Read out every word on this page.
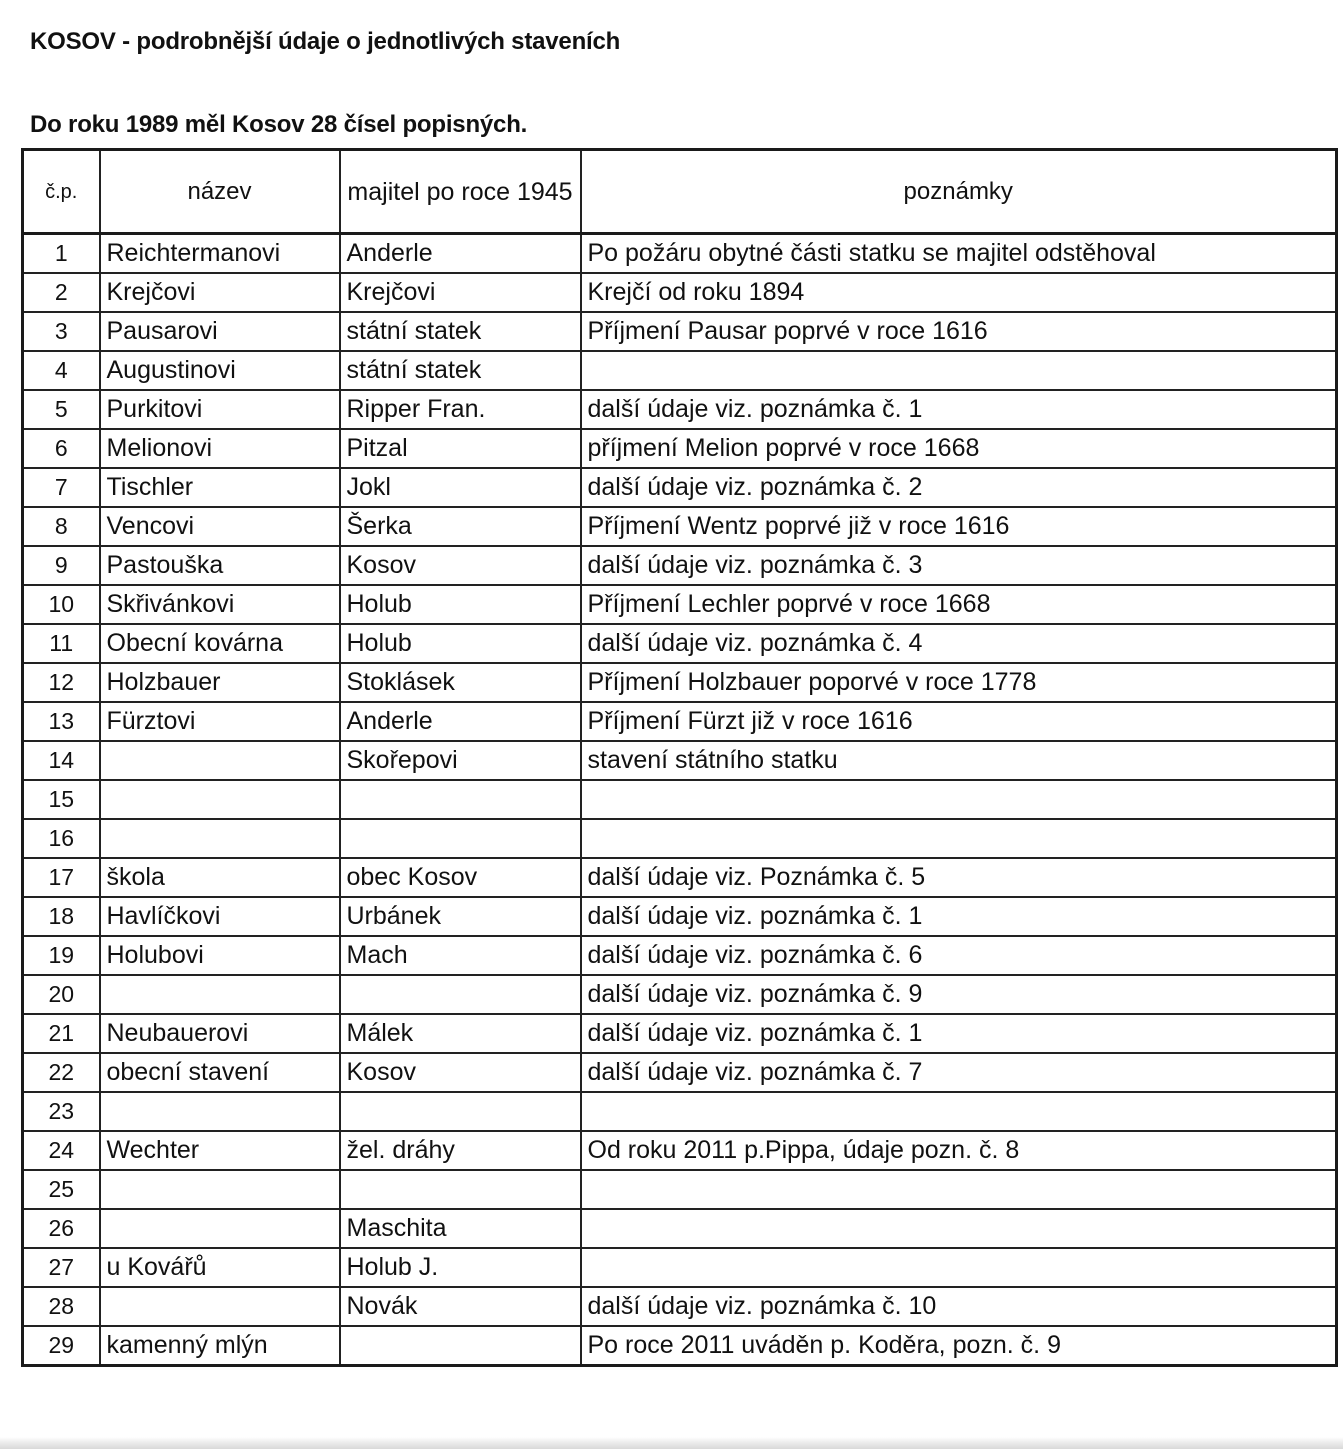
KOSOV - podrobnější údaje o jednotlivých staveních
Do roku 1989 měl Kosov 28 čísel popisných.
č.p.	název	majitel po roce 1945	poznámky
1	Reichtermanovi	Anderle	Po požáru obytné části statku se majitel odstěhoval
2	Krejčovi	Krejčovi	Krejčí od roku 1894
3	Pausarovi	státní statek	Příjmení Pausar poprvé v roce 1616
4	Augustinovi	státní statek	
5	Purkitovi	Ripper Fran.	další údaje viz. poznámka č. 1
6	Melionovi	Pitzal	příjmení Melion poprvé v roce 1668
7	Tischler	Jokl	další údaje viz. poznámka č. 2
8	Vencovi	Šerka	Příjmení Wentz poprvé již v roce 1616
9	Pastouška	Kosov	další údaje viz. poznámka č. 3
10	Skřivánkovi	Holub	Příjmení Lechler poprvé v roce 1668
11	Obecní kovárna	Holub	další údaje viz. poznámka č. 4
12	Holzbauer	Stoklásek	Příjmení Holzbauer poporvé v roce 1778
13	Fürztovi	Anderle	Příjmení Fürzt již v roce 1616
14		Skořepovi	stavení státního statku
15			
16			
17	škola	obec Kosov	další údaje viz. Poznámka č. 5
18	Havlíčkovi	Urbánek	další údaje viz. poznámka č. 1
19	Holubovi	Mach	další údaje viz. poznámka č. 6
20			další údaje viz. poznámka č. 9
21	Neubauerovi	Málek	další údaje viz. poznámka č. 1
22	obecní stavení	Kosov	další údaje viz. poznámka č. 7
23			
24	Wechter	žel. dráhy	Od roku 2011 p.Pippa, údaje pozn. č. 8
25			
26		Maschita	
27	u Kovářů	Holub J.	
28		Novák	další údaje viz. poznámka č. 10
29	kamenný mlýn		Po roce 2011 uváděn p. Koděra, pozn. č. 9
